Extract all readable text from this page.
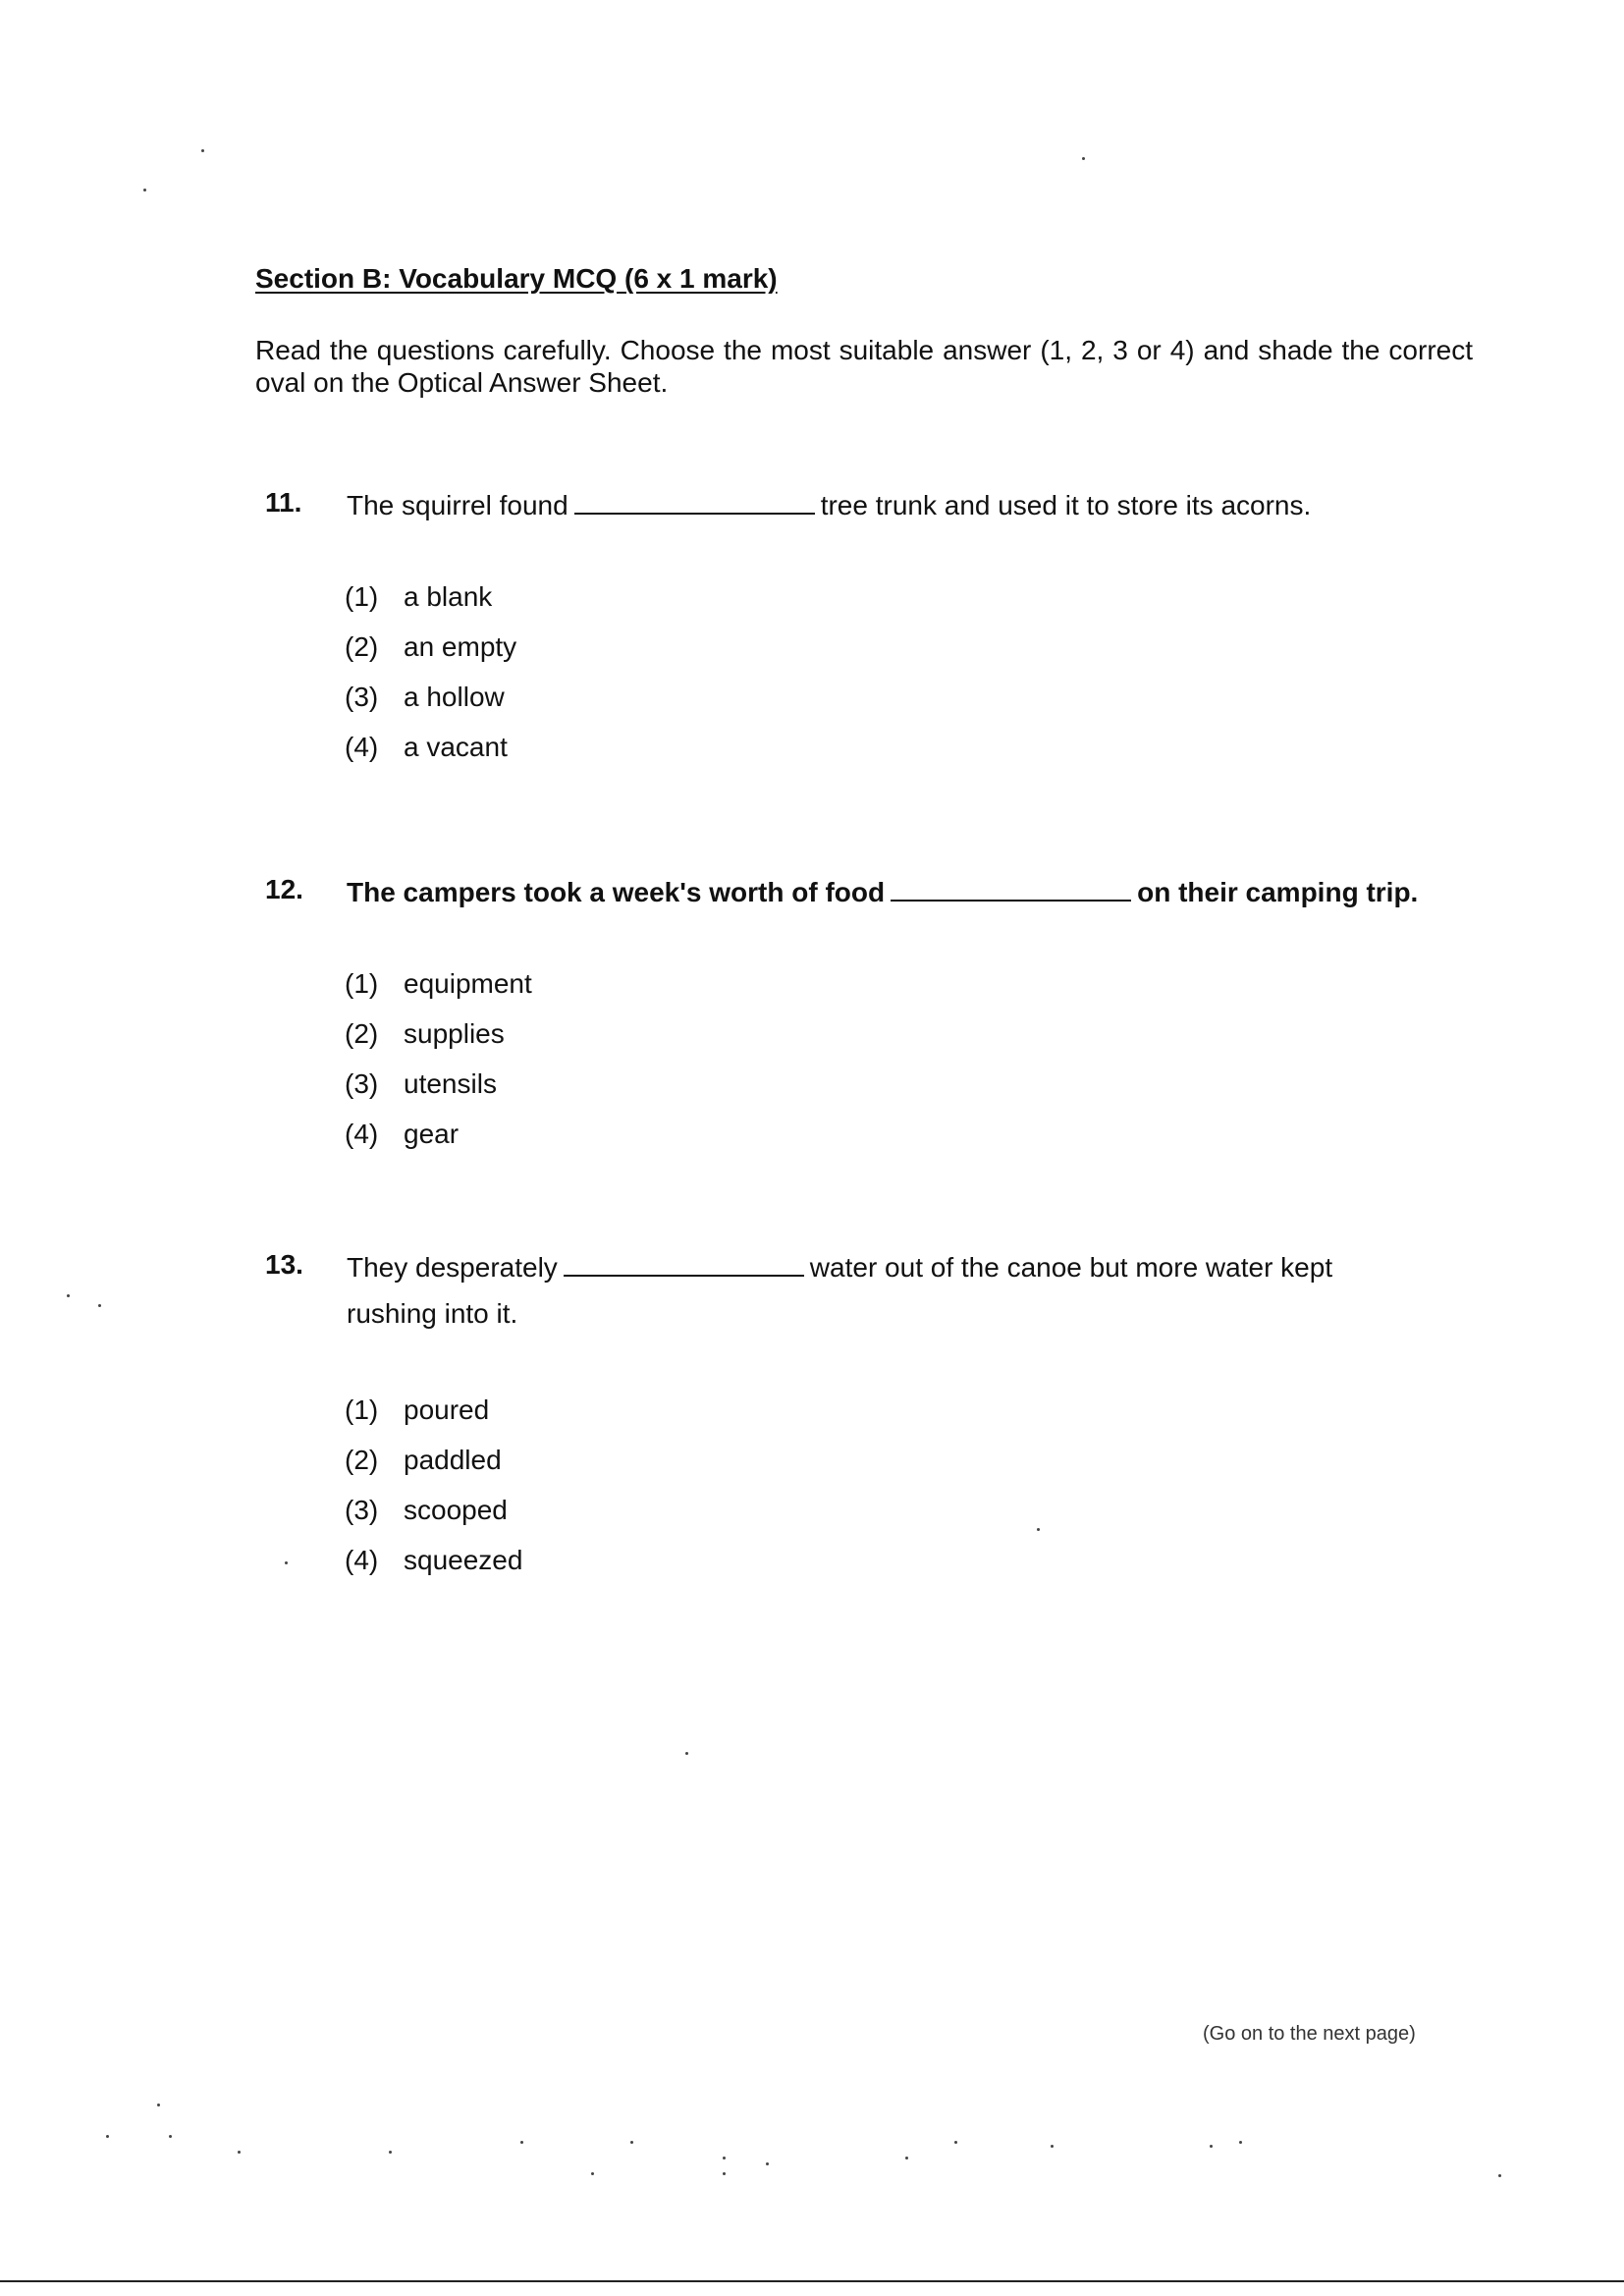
Section B: Vocabulary MCQ (6 x 1 mark)
Read the questions carefully. Choose the most suitable answer (1, 2, 3 or 4) and shade the correct oval on the Optical Answer Sheet.
11. The squirrel found	tree trunk and used it to store its acorns.
(1) a blank
(2) an empty
(3) a hollow
(4) a vacant
12. The campers took a week's worth of food	on their camping trip.
(1) equipment
(2) supplies
(3) utensils
(4) gear
13. They desperately	water out of the canoe but more water kept
rushing into it.
(1) poured
(2) paddled
(3) scooped
(4) squeezed
(Go on to the next page)
